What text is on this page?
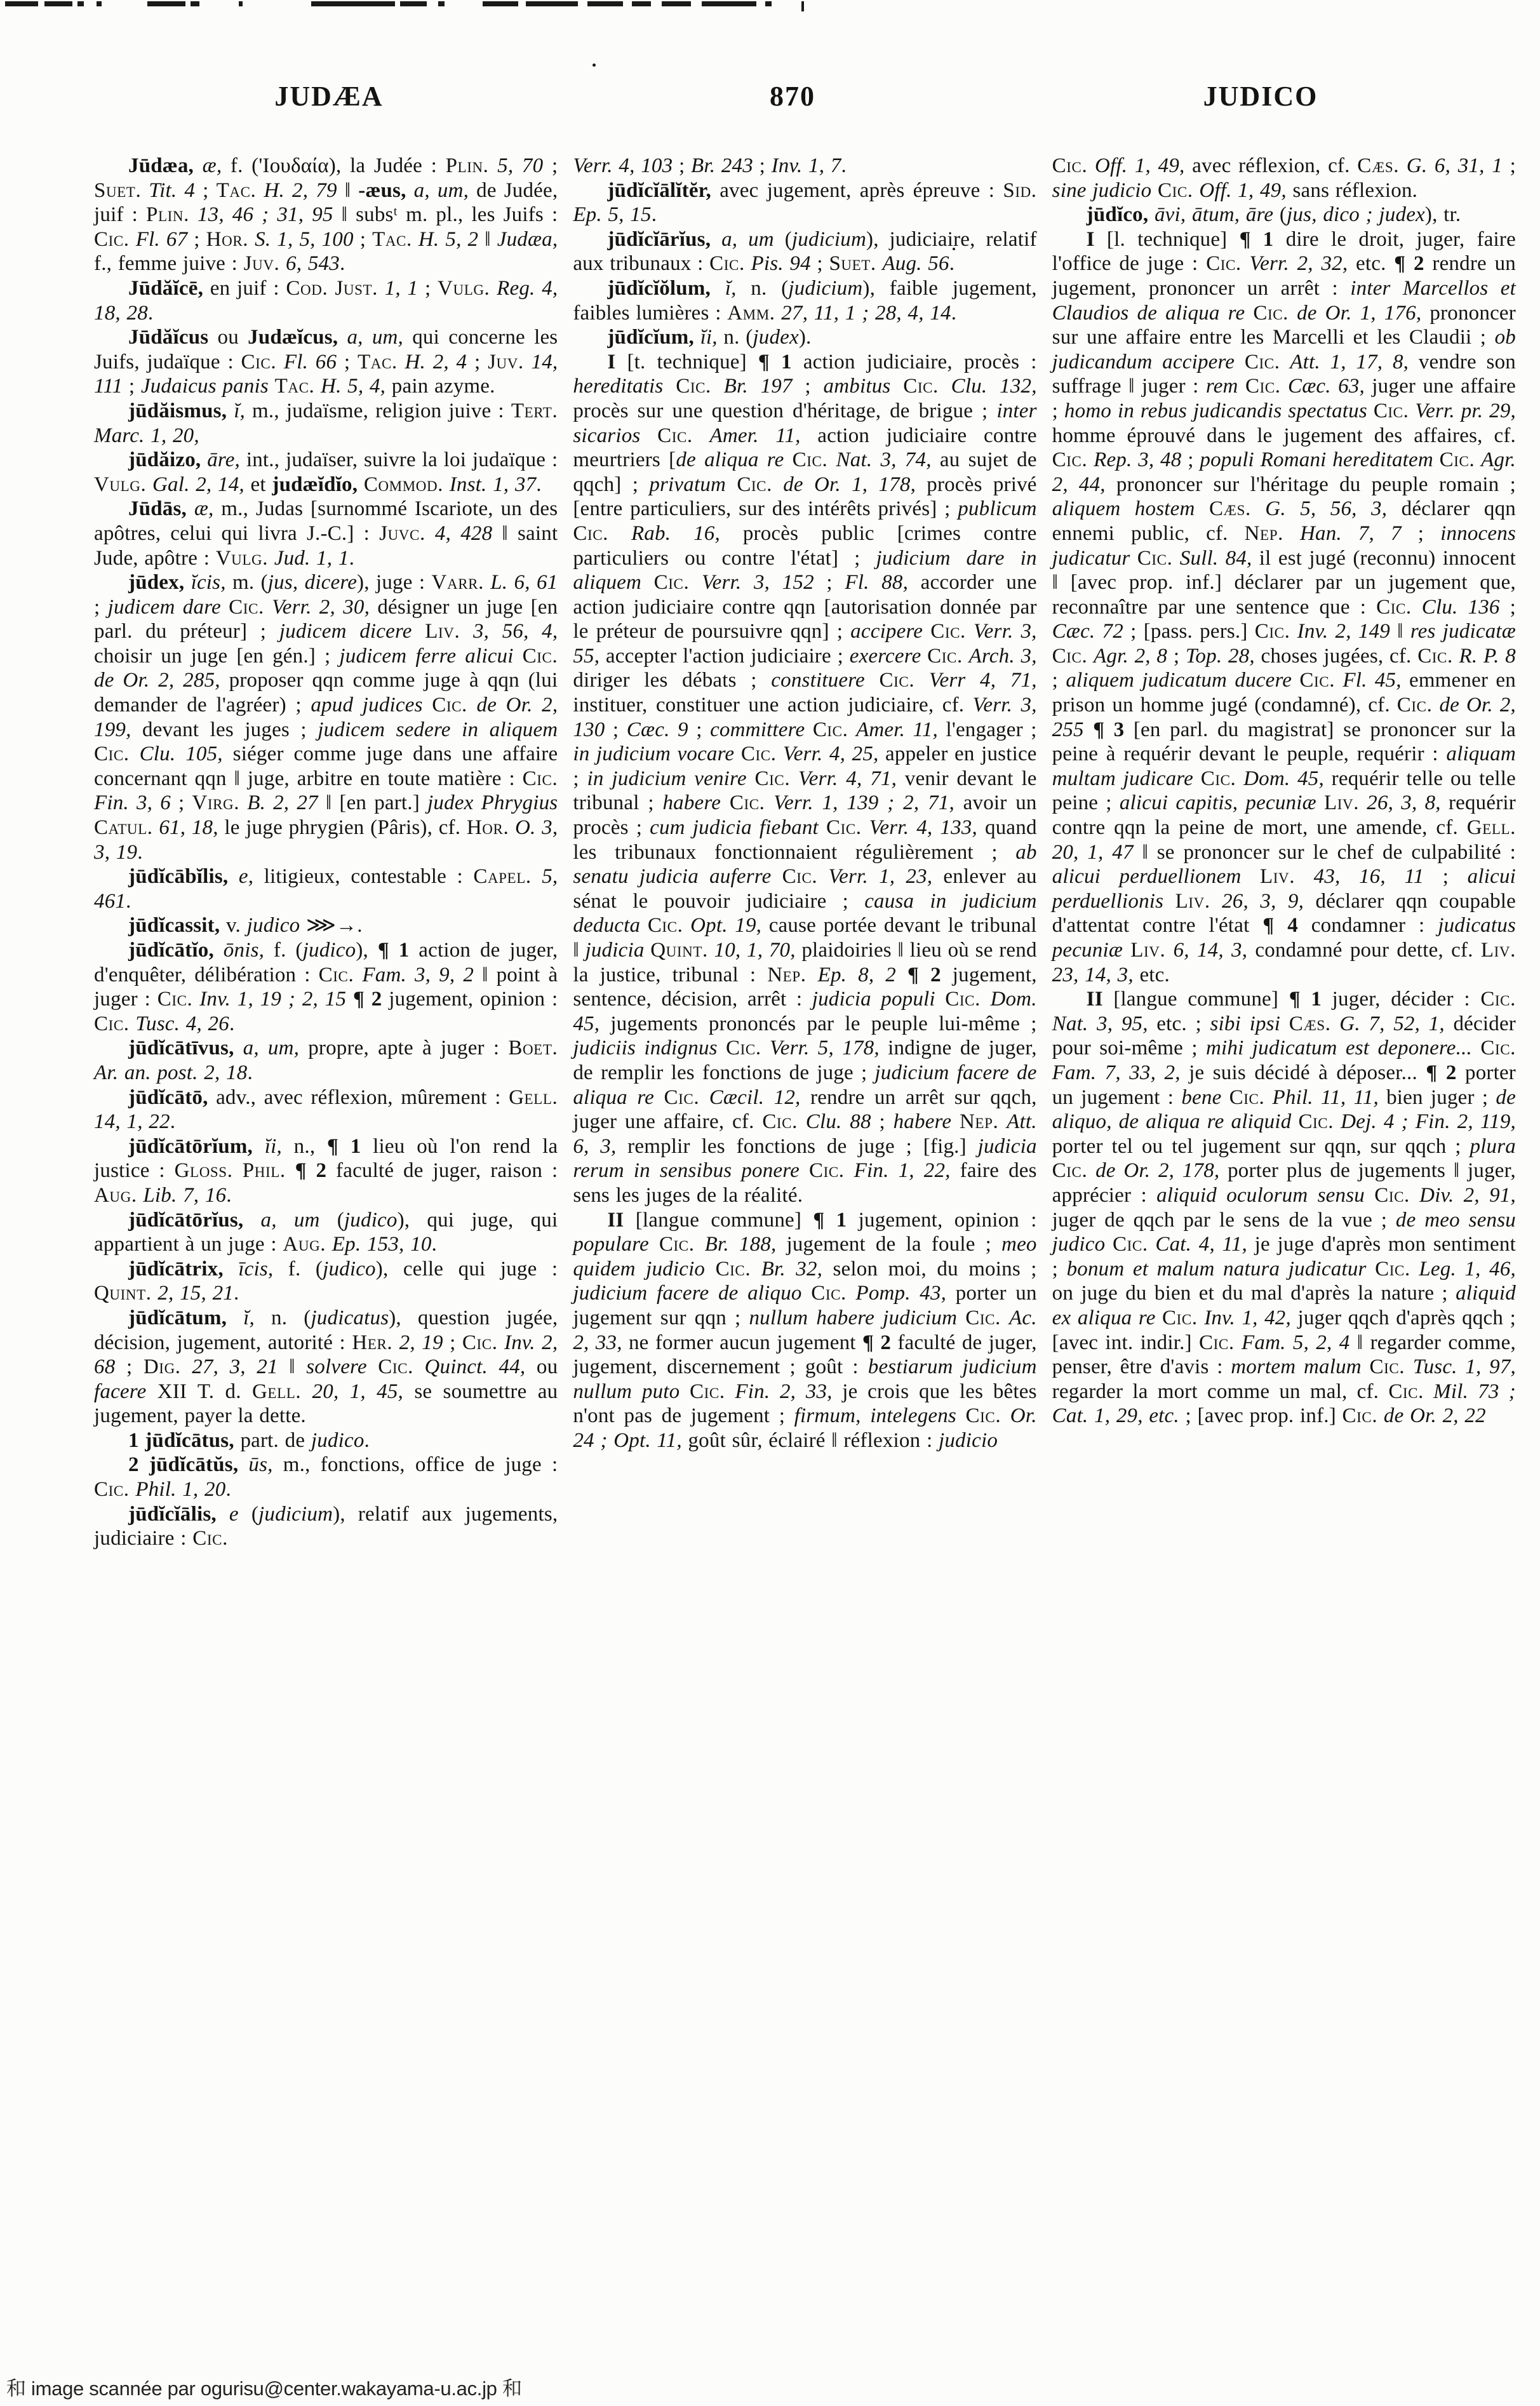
JUDÆA	870	JUDICO

Jūdæa, æ, f. ('Ιουδαία), la Judée : Plin. 5, 70 ; Suet. Tit. 4 ; Tac. H. 2, 79 ‖ -æus, a, um, de Judée, juif : Plin. 13, 46 ; 31, 95 ‖ subsᵗ m. pl., les Juifs : Cic. Fl. 67 ; Hor. S. 1, 5, 100 ; Tac. H. 5, 2 ‖ Judæa, f., femme juive : Juv. 6, 543.

Jūdăĭcē, en juif : Cod. Just. 1, 1 ; Vulg. Reg. 4, 18, 28.

Jūdăĭcus ou Judæĭcus, a, um, qui concerne les Juifs, judaïque : Cic. Fl. 66 ; Tac. H. 2, 4 ; Juv. 14, 111 ; Judaicus panis Tac. H. 5, 4, pain azyme.

jūdăismus, ĭ, m., judaïsme, religion juive : Tert. Marc. 1, 20,

jūdăizo, āre, int., judaïser, suivre la loi judaïque : Vulg. Gal. 2, 14, et judæĭdĭo, Commod. Inst. 1, 37.

Jūdās, æ, m., Judas [surnommé Iscariote, un des apôtres, celui qui livra J.-C.] : Juvc. 4, 428 ‖ saint Jude, apôtre : Vulg. Jud. 1, 1.

jūdex, ĭcis, m. (jus, dicere), juge : Varr. L. 6, 61 ; judicem dare Cic. Verr. 2, 30, désigner un juge [en parl. du préteur] ; judicem dicere Liv. 3, 56, 4, choisir un juge [en gén.] ; judicem ferre alicui Cic. de Or. 2, 285, proposer qqn comme juge à qqn (lui demander de l'agréer) ; apud judices Cic. de Or. 2, 199, devant les juges ; judicem sedere in aliquem Cic. Clu. 105, siéger comme juge dans une affaire concernant qqn ‖ juge, arbitre en toute matière : Cic. Fin. 3, 6 ; Virg. B. 2, 27 ‖ [en part.] judex Phrygius Catul. 61, 18, le juge phrygien (Pâris), cf. Hor. O. 3, 3, 19.

jūdĭcābĭlis, e, litigieux, contestable : Capel. 5, 461.

jūdĭcassit, v. judico ⋙→.

jūdĭcātĭo, ōnis, f. (judico), ¶ 1 action de juger, d'enquêter, délibération : Cic. Fam. 3, 9, 2 ‖ point à juger : Cic. Inv. 1, 19 ; 2, 15 ¶ 2 jugement, opinion : Cic. Tusc. 4, 26.

jūdĭcātīvus, a, um, propre, apte à juger : Boet. Ar. an. post. 2, 18.

jūdĭcātō, adv., avec réflexion, mûrement : Gell. 14, 1, 22.

jūdĭcātōrĭum, ĭi, n., ¶ 1 lieu où l'on rend la justice : Gloss. Phil. ¶ 2 faculté de juger, raison : Aug. Lib. 7, 16.

jūdĭcātōrĭus, a, um (judico), qui juge, qui appartient à un juge : Aug. Ep. 153, 10.

jūdĭcātrix, īcis, f. (judico), celle qui juge : Quint. 2, 15, 21.

jūdĭcātum, ĭ, n. (judicatus), question jugée, décision, jugement, autorité : Her. 2, 19 ; Cic. Inv. 2, 68 ; Dig. 27, 3, 21 ‖ solvere Cic. Quinct. 44, ou facere XII T. d. Gell. 20, 1, 45, se soumettre au jugement, payer la dette.

1 jūdĭcātus, part. de judico.

2 jūdĭcātŭs, ūs, m., fonctions, office de juge : Cic. Phil. 1, 20.

jūdĭcĭālis, e (judicium), relatif aux jugements, judiciaire : Cic.

Verr. 4, 103 ; Br. 243 ; Inv. 1, 7.

jūdĭcĭālĭtĕr, avec jugement, après épreuve : Sid. Ep. 5, 15.

jūdĭcĭārĭus, a, um (judicium), judiciaire, relatif aux tribunaux : Cic. Pis. 94 ; Suet. Aug. 56.

jūdĭcĭŏlum, ĭ, n. (judicium), faible jugement, faibles lumières : Amm. 27, 11, 1 ; 28, 4, 14.

jūdĭcĭum, ĭi, n. (judex).

I [t. technique] ¶ 1 action judiciaire, procès : hereditatis Cic. Br. 197 ; ambitus Cic. Clu. 132, procès sur une question d'héritage, de brigue ; inter sicarios Cic. Amer. 11, action judiciaire contre meurtriers [de aliqua re Cic. Nat. 3, 74, au sujet de qqch] ; privatum Cic. de Or. 1, 178, procès privé [entre particuliers, sur des intérêts privés] ; publicum Cic. Rab. 16, procès public [crimes contre particuliers ou contre l'état] ; judicium dare in aliquem Cic. Verr. 3, 152 ; Fl. 88, accorder une action judiciaire contre qqn [autorisation donnée par le préteur de poursuivre qqn] ; accipere Cic. Verr. 3, 55, accepter l'action judiciaire ; exercere Cic. Arch. 3, diriger les débats ; constituere Cic. Verr 4, 71, instituer, constituer une action judiciaire, cf. Verr. 3, 130 ; Cæc. 9 ; committere Cic. Amer. 11, l'engager ; in judicium vocare Cic. Verr. 4, 25, appeler en justice ; in judicium venire Cic. Verr. 4, 71, venir devant le tribunal ; habere Cic. Verr. 1, 139 ; 2, 71, avoir un procès ; cum judicia fiebant Cic. Verr. 4, 133, quand les tribunaux fonctionnaient régulièrement ; ab senatu judicia auferre Cic. Verr. 1, 23, enlever au sénat le pouvoir judiciaire ; causa in judicium deducta Cic. Opt. 19, cause portée devant le tribunal ‖ judicia Quint. 10, 1, 70, plaidoiries ‖ lieu où se rend la justice, tribunal : Nep. Ep. 8, 2 ¶ 2 jugement, sentence, décision, arrêt : judicia populi Cic. Dom. 45, jugements prononcés par le peuple lui-même ; judiciis indignus Cic. Verr. 5, 178, indigne de juger, de remplir les fonctions de juge ; judicium facere de aliqua re Cic. Cæcil. 12, rendre un arrêt sur qqch, juger une affaire, cf. Cic. Clu. 88 ; habere Nep. Att. 6, 3, remplir les fonctions de juge ; [fig.] judicia rerum in sensibus ponere Cic. Fin. 1, 22, faire des sens les juges de la réalité.

II [langue commune] ¶ 1 jugement, opinion : populare Cic. Br. 188, jugement de la foule ; meo quidem judicio Cic. Br. 32, selon moi, du moins ; judicium facere de aliquo Cic. Pomp. 43, porter un jugement sur qqn ; nullum habere judicium Cic. Ac. 2, 33, ne former aucun jugement ¶ 2 faculté de juger, jugement, discernement ; goût : bestiarum judicium nullum puto Cic. Fin. 2, 33, je crois que les bêtes n'ont pas de jugement ; firmum, intelegens Cic. Or. 24 ; Opt. 11, goût sûr, éclairé ‖ réflexion : judicio

Cic. Off. 1, 49, avec réflexion, cf. Cæs. G. 6, 31, 1 ; sine judicio Cic. Off. 1, 49, sans réflexion.

jūdĭco, āvi, ātum, āre (jus, dico ; judex), tr.

I [l. technique] ¶ 1 dire le droit, juger, faire l'office de juge : Cic. Verr. 2, 32, etc. ¶ 2 rendre un jugement, prononcer un arrêt : inter Marcellos et Claudios de aliqua re Cic. de Or. 1, 176, prononcer sur une affaire entre les Marcelli et les Claudii ; ob judicandum accipere Cic. Att. 1, 17, 8, vendre son suffrage ‖ juger : rem Cic. Cæc. 63, juger une affaire ; homo in rebus judicandis spectatus Cic. Verr. pr. 29, homme éprouvé dans le jugement des affaires, cf. Cic. Rep. 3, 48 ; populi Romani hereditatem Cic. Agr. 2, 44, prononcer sur l'héritage du peuple romain ; aliquem hostem Cæs. G. 5, 56, 3, déclarer qqn ennemi public, cf. Nep. Han. 7, 7 ; innocens judicatur Cic. Sull. 84, il est jugé (reconnu) innocent ‖ [avec prop. inf.] déclarer par un jugement que, reconnaître par une sentence que : Cic. Clu. 136 ; Cæc. 72 ; [pass. pers.] Cic. Inv. 2, 149 ‖ res judicatæ Cic. Agr. 2, 8 ; Top. 28, choses jugées, cf. Cic. R. P. 8 ; aliquem judicatum ducere Cic. Fl. 45, emmener en prison un homme jugé (condamné), cf. Cic. de Or. 2, 255 ¶ 3 [en parl. du magistrat] se prononcer sur la peine à requérir devant le peuple, requérir : aliquam multam judicare Cic. Dom. 45, requérir telle ou telle peine ; alicui capitis, pecuniæ Liv. 26, 3, 8, requérir contre qqn la peine de mort, une amende, cf. Gell. 20, 1, 47 ‖ se prononcer sur le chef de culpabilité : alicui perduellionem Liv. 43, 16, 11 ; alicui perduellionis Liv. 26, 3, 9, déclarer qqn coupable d'attentat contre l'état ¶ 4 condamner : judicatus pecuniæ Liv. 6, 14, 3, condamné pour dette, cf. Liv. 23, 14, 3, etc.

II [langue commune] ¶ 1 juger, décider : Cic. Nat. 3, 95, etc. ; sibi ipsi Cæs. G. 7, 52, 1, décider pour soi-même ; mihi judicatum est deponere... Cic. Fam. 7, 33, 2, je suis décidé à déposer... ¶ 2 porter un jugement : bene Cic. Phil. 11, 11, bien juger ; de aliquo, de aliqua re aliquid Cic. Dej. 4 ; Fin. 2, 119, porter tel ou tel jugement sur qqn, sur qqch ; plura Cic. de Or. 2, 178, porter plus de jugements ‖ juger, apprécier : aliquid oculorum sensu Cic. Div. 2, 91, juger de qqch par le sens de la vue ; de meo sensu judico Cic. Cat. 4, 11, je juge d'après mon sentiment ; bonum et malum natura judicatur Cic. Leg. 1, 46, on juge du bien et du mal d'après la nature ; aliquid ex aliqua re Cic. Inv. 1, 42, juger qqch d'après qqch ; [avec int. indir.] Cic. Fam. 5, 2, 4 ‖ regarder comme, penser, être d'avis : mortem malum Cic. Tusc. 1, 97, regarder la mort comme un mal, cf. Cic. Mil. 73 ; Cat. 1, 29, etc. ; [avec prop. inf.] Cic. de Or. 2, 22

和 image scannée par ogurisu@center.wakayama-u.ac.jp 和
